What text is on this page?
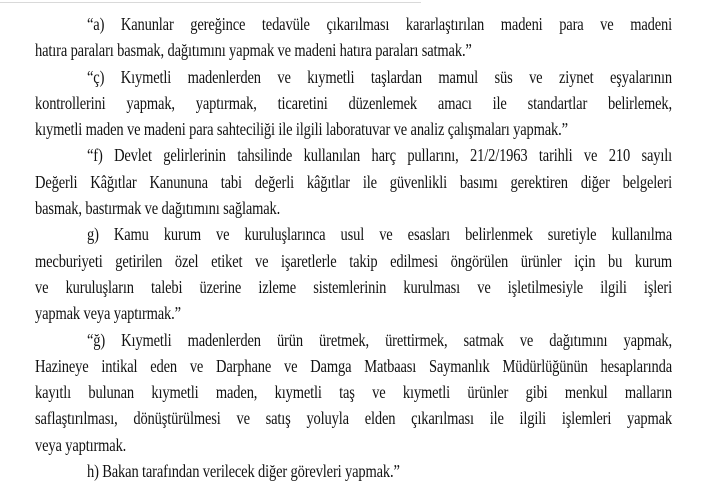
“a) Kanunlar gereğince tedavüle çıkarılması kararlaştırılan madeni para ve madeni
hatıra paraları basmak, dağıtımını yapmak ve madeni hatıra paraları satmak.”
“ç) Kıymetli madenlerden ve kıymetli taşlardan mamul süs ve ziynet eşyalarının
kontrollerini yapmak, yaptırmak, ticaretini düzenlemek amacı ile standartlar belirlemek,
kıymetli maden ve madeni para sahteciliği ile ilgili laboratuvar ve analiz çalışmaları yapmak.”
“f) Devlet gelirlerinin tahsilinde kullanılan harç pullarını, 21/2/1963 tarihli ve 210 sayılı
Değerli Kâğıtlar Kanununa tabi değerli kâğıtlar ile güvenlikli basımı gerektiren diğer belgeleri
basmak, bastırmak ve dağıtımını sağlamak.
g) Kamu kurum ve kuruluşlarınca usul ve esasları belirlenmek suretiyle kullanılma
mecburiyeti getirilen özel etiket ve işaretlerle takip edilmesi öngörülen ürünler için bu kurum
ve kuruluşların talebi üzerine izleme sistemlerinin kurulması ve işletilmesiyle ilgili işleri
yapmak veya yaptırmak.”
“ğ) Kıymetli madenlerden ürün üretmek, ürettirmek, satmak ve dağıtımını yapmak,
Hazineye intikal eden ve Darphane ve Damga Matbaası Saymanlık Müdürlüğünün hesaplarında
kayıtlı bulunan kıymetli maden, kıymetli taş ve kıymetli ürünler gibi menkul malların
saflaştırılması, dönüştürülmesi ve satış yoluyla elden çıkarılması ile ilgili işlemleri yapmak
veya yaptırmak.
h) Bakan tarafından verilecek diğer görevleri yapmak.”
